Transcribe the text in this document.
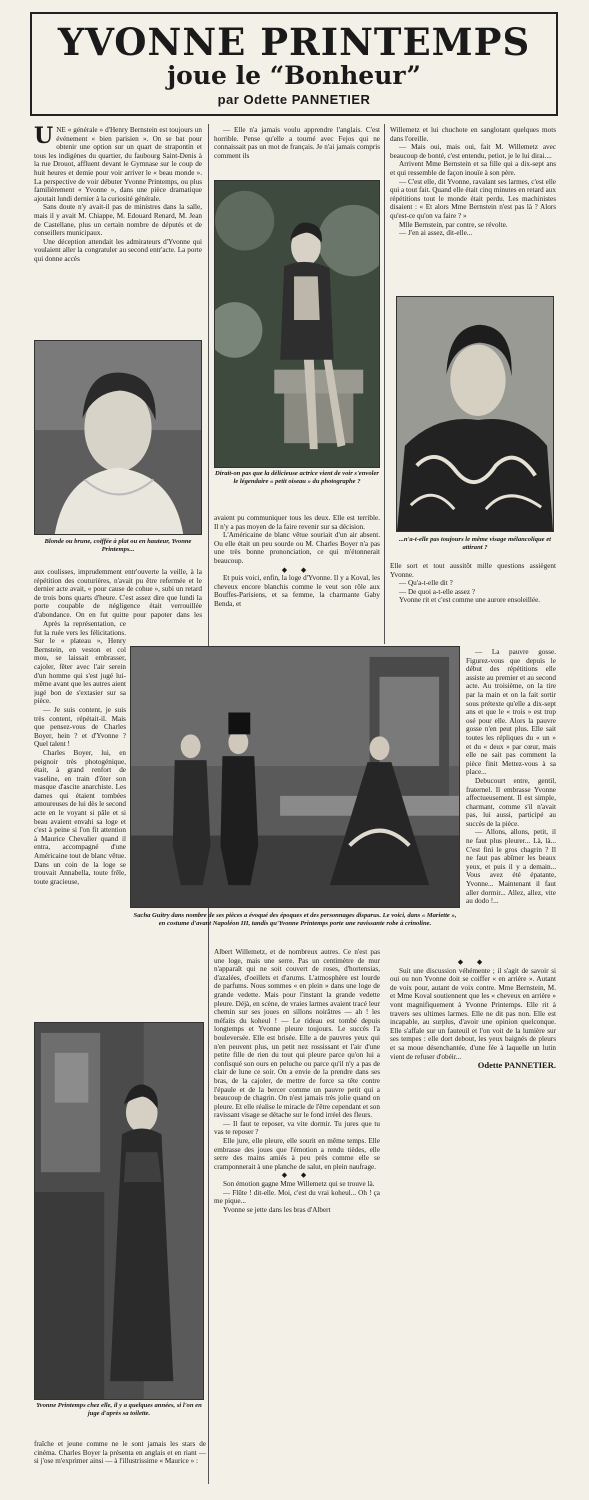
YVONNE PRINTEMPS
joue le “Bonheur”
par Odette PANNETIER

UNE « générale » d'Henry Bernstein est toujours un événement « bien parisien ». On se bat pour obtenir une option sur un quart de strapontin et tous les indigènes du quartier, du faubourg Saint-Denis à la rue Drouot, affluent devant le Gymnase sur le coup de huit heures et demie pour voir arriver le « beau monde ». La perspective de voir débuter Yvonne Printemps, ou plus familièrement « Yvonne », dans une pièce dramatique ajoutait lundi dernier à la curiosité générale.

Sans doute n'y avait-il pas de ministres dans la salle, mais il y avait M. Chiappe, M. Edouard Renard, M. Jean de Castellane, plus un certain nombre de députés et de conseillers municipaux.

Une déception attendait les admirateurs d'Yvonne qui voulaient aller la congratuler au second entr'acte. La porte qui donne accès

Blonde ou brune, coiffée à plat ou en hauteur, Yvonne Printemps...

aux coulisses, imprudemment entr'ouverte la veille, à la répétition des couturières, n'avait pu être refermée et le dernier acte avait, « pour cause de cohue », subi un retard de trois bons quarts d'heure. C'est assez dire que lundi la porte coupable de négligence était verrouillée d'abondance. On en fut quitte pour papoter dans les

Après la représentation, ce fut la ruée vers les félicitations. Sur le « plateau », Henry Bernstein, en veston et col mou, se laissait embrasser, cajoler, fêter avec l'air serein d'un homme qui s'est jugé lui-même avant que les autres aient jugé bon de s'extasier sur sa pièce.

— Je suis content, je suis très content, répétait-il. Mais que pensez-vous de Charles Boyer, hein ? et d'Yvonne ? Quel talent !

Charles Boyer, lui, en peignoir très photogénique, était, à grand renfort de vaseline, en train d'ôter son masque d'ascite anarchiste. Les dames qui étaient tombées amoureuses de lui dès le second acte en le voyant si pâle et si beau avaient envahi sa loge et c'est à peine si l'on fit attention à Maurice Chevalier quand il entra, accompagné d'une Américaine tout de blanc vêtue. Dans un coin de la loge se trouvait Annabella, toute frêle, toute gracieuse,

Yvonne Printemps chez elle, il y a quelques années, si l'on en juge d'après sa toilette.

fraîche et jeune comme ne le sont jamais les stars de cinéma. Charles Boyer la présenta en anglais et en riant — si j'ose m'exprimer ainsi — à l'illustrissime « Maurice » :

— Elle n'a jamais voulu apprendre l'anglais. C'est horrible. Pense qu'elle a tourné avec Fejos qui ne connaissait pas un mot de français. Je n'ai jamais compris comment ils

Dirait-on pas que la délicieuse actrice vient de voir s'envoler le légendaire « petit oiseau » du photographe ?

avaient pu communiquer tous les deux. Elle est terrible. Il n'y a pas moyen de la faire revenir sur sa décision.

L'Américaine de blanc vêtue souriait d'un air absent. Ou elle était un peu sourde ou M. Charles Boyer n'a pas une très bonne prononciation, ce qui m'étonnerait beaucoup.

◆ ◆

Et puis voici, enfin, la loge d'Yvonne. Il y a Koval, les cheveux encore blanchis comme le veut son rôle aux Bouffes-Parisiens, et sa femme, la charmante Gaby Benda, et

Sacha Guitry dans nombre de ses pièces a évoqué des époques et des personnages disparus. Le voici, dans « Mariette », en costume d'avant Napoléon III, tandis qu'Yvonne Printemps porte une ravissante robe à crinoline.

Albert Willemetz, et de nombreux autres. Ce n'est pas une loge, mais une serre. Pas un centimètre de mur n'apparaît qui ne soit couvert de roses, d'hortensias, d'azalées, d'oeillets et d'arums. L'atmosphère est lourde de parfums. Nous sommes « en plein » dans une loge de grande vedette. Mais pour l'instant la grande vedette pleure. Déjà, en scène, de vraies larmes avaient tracé leur chemin sur ses joues en sillons noirâtres — ah ! les méfaits du koheul ! — Le rideau est tombé depuis longtemps et Yvonne pleure toujours. Le succès l'a bouleversée. Elle est brisée. Elle a de pauvres yeux qui n'en peuvent plus, un petit nez rossissant et l'air d'une petite fille de rien du tout qui pleure parce qu'on lui a confisqué son ours en peluche ou parce qu'il n'y a pas de clair de lune ce soir. On a envie de la prendre dans ses bras, de la cajoler, de mettre de force sa tête contre l'épaule et de la bercer comme un pauvre petit qui a beaucoup de chagrin. On n'est jamais très jolie quand on pleure. Et elle réalise le miracle de l'être cependant et son ravissant visage se détache sur le fond irréel des fleurs.

— Il faut te reposer, va vite dormir. Tu jures que tu vas te reposer ?

Elle jure, elle pleure, elle sourit en même temps. Elle embrasse des joues que l'émotion a rendu tièdes, elle serre des mains amiés à peu près comme elle se cramponnerait à une planche de salut, en plein naufrage.

◆ ◆

Son émotion gagne Mme Willemetz qui se trouve là.

— Flûte ! dit-elle. Moi, c'est du vrai koheul... Oh ! ça me pique...

Yvonne se jette dans les bras d'Albert

Willemetz et lui chuchote en sanglotant quelques mots dans l'oreille.

— Mais oui, mais oui, fait M. Willemetz avec beaucoup de bonté, c'est entendu, petiot, je le lui dirai....

Arrivent Mme Bernstein et sa fille qui a dix-sept ans et qui ressemble de façon inouïe à son père.

— C'est elle, dit Yvonne, ravalant ses larmes, c'est elle qui a tout fait. Quand elle était cinq minutes en retard aux répétitions tout le monde était perdu. Les machinistes disaient : « Et alors Mme Bernstein n'est pas là ? Alors qu'est-ce qu'on va faire ? »

Mlle Bernstein, par contre, se révolte.

— J'en ai assez, dit-elle...

...n'a-t-elle pas toujours le même visage mélancolique et attirant ?

Elle sort et tout aussitôt mille questions assiègent Yvonne.

— Qu'a-t-elle dit ?

— De quoi a-t-elle assez ?

Yvonne rit et c'est comme une aurore ensoleillée.

— La pauvre gosse. Figurez-vous que depuis le début des répétitions elle assiste au premier et au second acte. Au troisième, on la tire par la main et on la fait sortir sous prétexte qu'elle a dix-sept ans et que le « trois » est trop osé pour elle. Alors la pauvre gosse n'en peut plus. Elle sait toutes les répliques du « un » et du « deux » par cœur, mais elle ne sait pas comment la pièce finit Mettez-vous à sa place...

Debucourt entre, gentil, fraternel. Il embrasse Yvonne affectueusement. Il est simple, charmant, comme s'il n'avait pas, lui aussi, participé au succès de la pièce.

— Allons, allons, petit, il ne faut plus pleurer... Là, là... C'est fini le gros chagrin ? Il ne faut pas abîmer les beaux yeux, et puis il y a demain... Vous avez été épatante, Yvonne... Maintenant il faut aller dormir... Allez, allez, vite au dodo !...

◆ ◆

Suit une discussion véhémente ; il s'agit de savoir si oui ou non Yvonne doit se coiffer « en arrière ». Autant de voix pour, autant de voix contre. Mme Bernstein, M. et Mme Koval soutiennent que les « cheveux en arrière » vont magnifiquement à Yvonne Printemps. Elle rit à travers ses ultimes larmes. Elle ne dit pas non. Elle est incapable, au surplus, d'avoir une opinion quelconque. Elle s'affale sur un fauteuil et l'on voit de la lumière sur ses tempes : elle dort debout, les yeux baignés de pleurs et sa moue désenchantée, d'une fée à laquelle un lutin vient de refuser d'obéir...

Odette PANNETIER.
